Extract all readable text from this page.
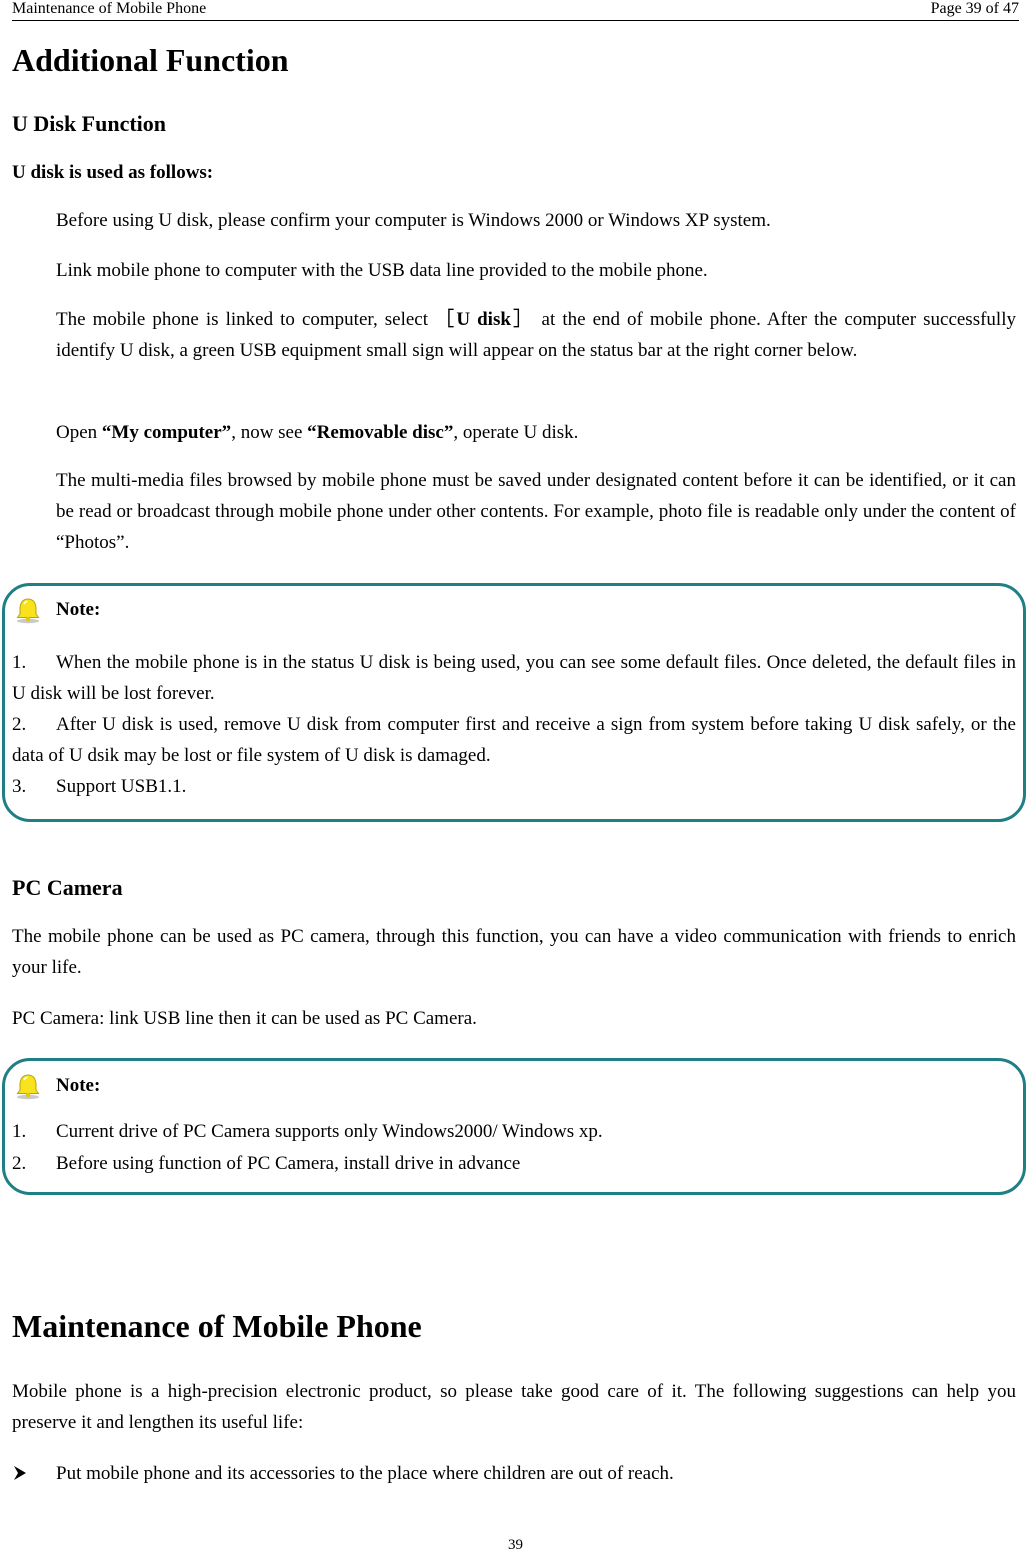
Maintenance of Mobile Phone	Page 39 of 47
Additional Function
U Disk Function
U disk is used as follows:
Before using U disk, please confirm your computer is Windows 2000 or Windows XP system.
Link mobile phone to computer with the USB data line provided to the mobile phone.
The mobile phone is linked to computer, select ［U disk］ at the end of mobile phone. After the computer successfully identify U disk, a green USB equipment small sign will appear on the status bar at the right corner below.
Open “My computer”, now see “Removable disc”, operate U disk.
The multi-media files browsed by mobile phone must be saved under designated content before it can be identified, or it can be read or broadcast through mobile phone under other contents. For example, photo file is readable only under the content of “Photos”.
Note:
1. When the mobile phone is in the status U disk is being used, you can see some default files. Once deleted, the default files in U disk will be lost forever.
2. After U disk is used, remove U disk from computer first and receive a sign from system before taking U disk safely, or the data of U dsik may be lost or file system of U disk is damaged.
3. Support USB1.1.
PC Camera
The mobile phone can be used as PC camera, through this function, you can have a video communication with friends to enrich your life.
PC Camera: link USB line then it can be used as PC Camera.
Note:
1. Current drive of PC Camera supports only Windows2000/ Windows xp.
2. Before using function of PC Camera, install drive in advance
Maintenance of Mobile Phone
Mobile phone is a high-precision electronic product, so please take good care of it. The following suggestions can help you preserve it and lengthen its useful life:
Put mobile phone and its accessories to the place where children are out of reach.
39
